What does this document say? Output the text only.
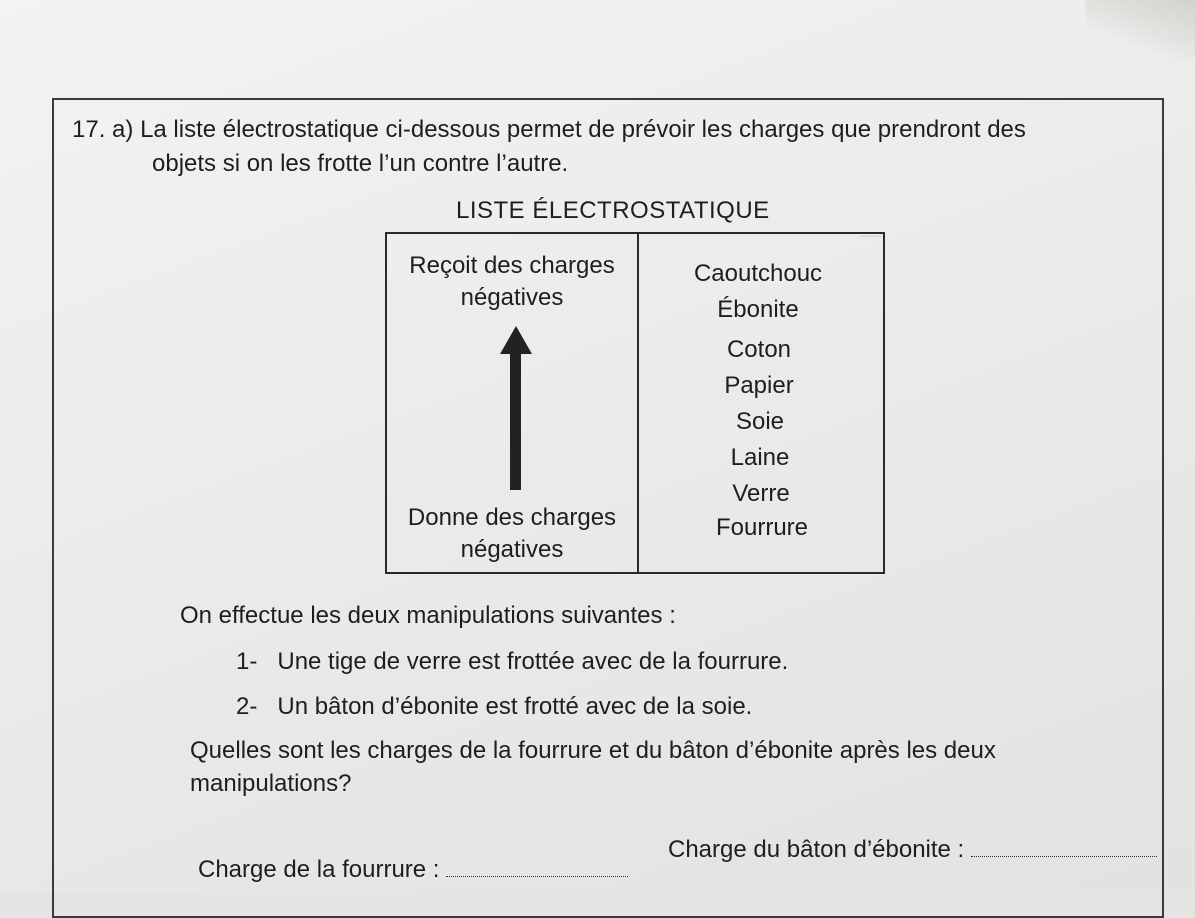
—
17. a) La liste électrostatique ci-dessous permet de prévoir les charges que prendront des
objets si on les frotte l’un contre l’autre.
LISTE ÉLECTROSTATIQUE
Reçoit des charges
négatives
Donne des charges
négatives
Caoutchouc
Ébonite
Coton
Papier
Soie
Laine
Verre
Fourrure
On effectue les deux manipulations suivantes :
1- Une tige de verre est frottée avec de la fourrure.
2- Un bâton d’ébonite est frotté avec de la soie.
Quelles sont les charges de la fourrure et du bâton d’ébonite après les deux
manipulations?
Charge de la fourrure :
Charge du bâton d’ébonite :
